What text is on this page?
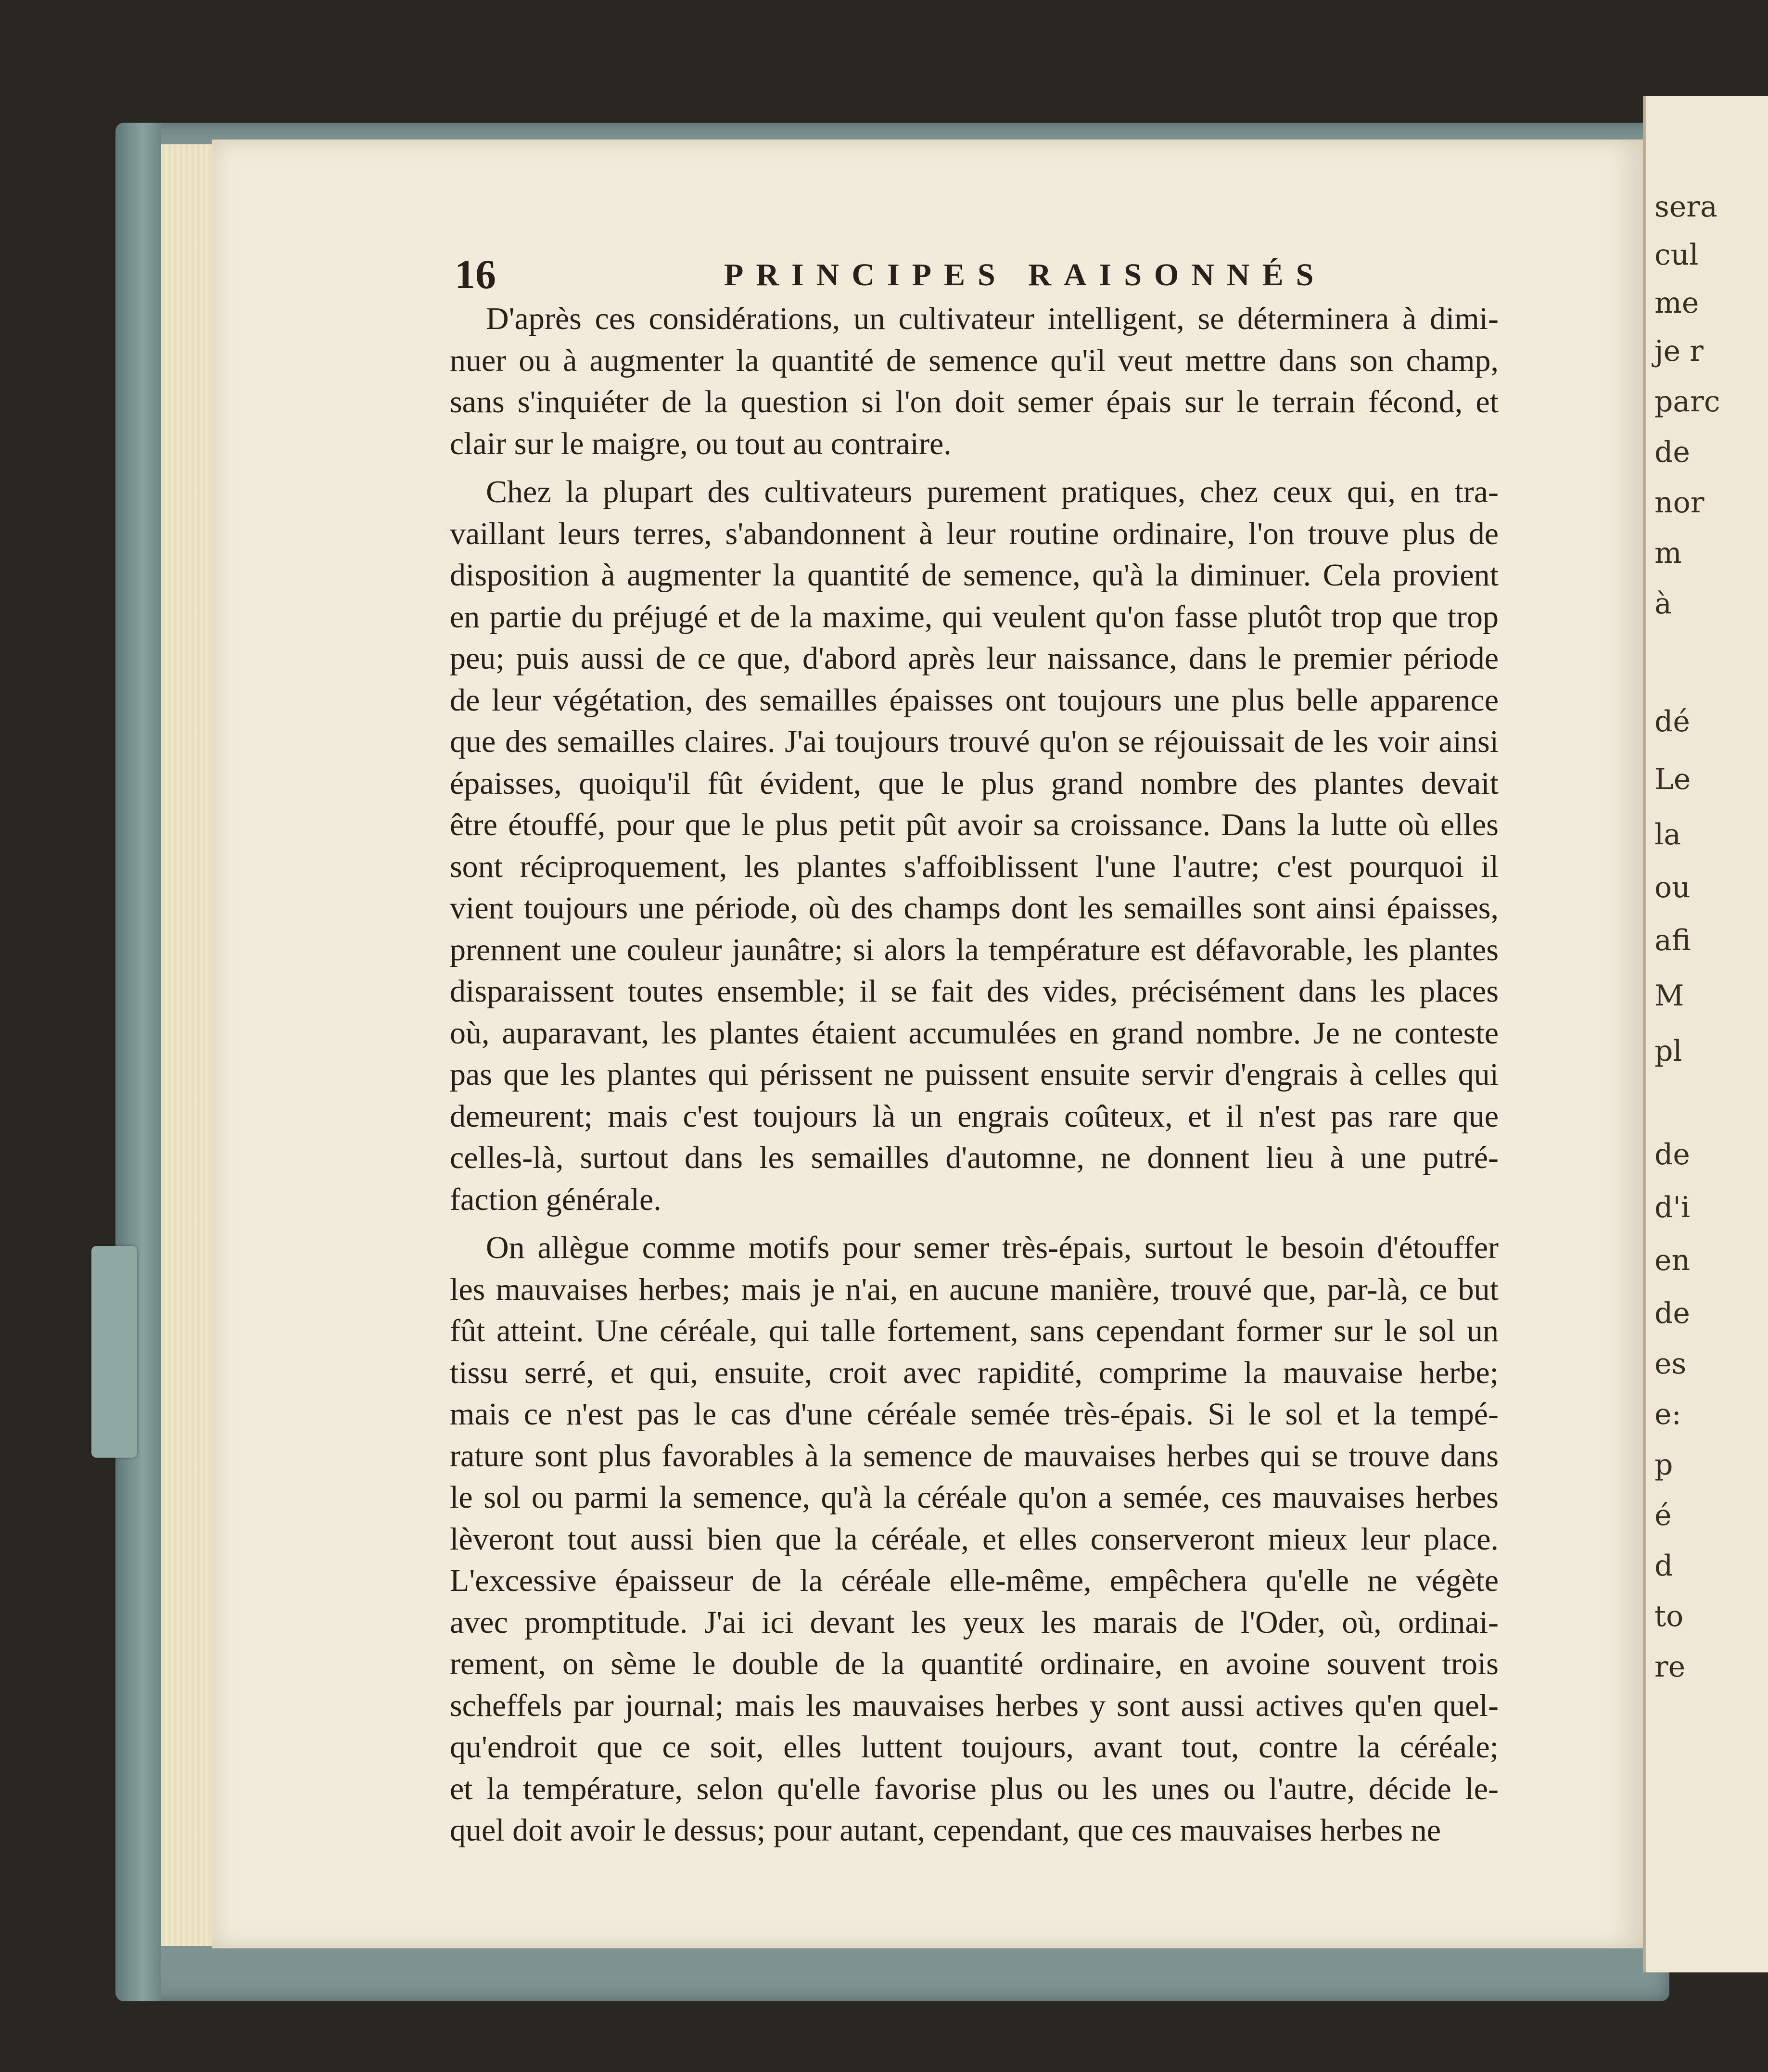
sera
cul
me
je r
parc
de
nor
m
à
dé
Le
la
ou
afi
M
pl
de
d'i
en
de
es
e:
p
é
d
to
re
16	PRINCIPES RAISONNÉS
D'après ces considérations, un cultivateur intelligent, se déterminera à dimi-
nuer ou à augmenter la quantité de semence qu'il veut mettre dans son champ,
sans s'inquiéter de la question si l'on doit semer épais sur le terrain fécond, et
clair sur le maigre, ou tout au contraire.
Chez la plupart des cultivateurs purement pratiques, chez ceux qui, en tra-
vaillant leurs terres, s'abandonnent à leur routine ordinaire, l'on trouve plus de
disposition à augmenter la quantité de semence, qu'à la diminuer. Cela provient
en partie du préjugé et de la maxime, qui veulent qu'on fasse plutôt trop que trop
peu; puis aussi de ce que, d'abord après leur naissance, dans le premier période
de leur végétation, des semailles épaisses ont toujours une plus belle apparence
que des semailles claires. J'ai toujours trouvé qu'on se réjouissait de les voir ainsi
épaisses, quoiqu'il fût évident, que le plus grand nombre des plantes devait
être étouffé, pour que le plus petit pût avoir sa croissance. Dans la lutte où elles
sont réciproquement, les plantes s'affoiblissent l'une l'autre; c'est pourquoi il
vient toujours une période, où des champs dont les semailles sont ainsi épaisses,
prennent une couleur jaunâtre; si alors la température est défavorable, les plantes
disparaissent toutes ensemble; il se fait des vides, précisément dans les places
où, auparavant, les plantes étaient accumulées en grand nombre. Je ne conteste
pas que les plantes qui périssent ne puissent ensuite servir d'engrais à celles qui
demeurent; mais c'est toujours là un engrais coûteux, et il n'est pas rare que
celles-là, surtout dans les semailles d'automne, ne donnent lieu à une putré-
faction générale.
On allègue comme motifs pour semer très-épais, surtout le besoin d'étouffer
les mauvaises herbes; mais je n'ai, en aucune manière, trouvé que, par-là, ce but
fût atteint. Une céréale, qui talle fortement, sans cependant former sur le sol un
tissu serré, et qui, ensuite, croit avec rapidité, comprime la mauvaise herbe;
mais ce n'est pas le cas d'une céréale semée très-épais. Si le sol et la tempé-
rature sont plus favorables à la semence de mauvaises herbes qui se trouve dans
le sol ou parmi la semence, qu'à la céréale qu'on a semée, ces mauvaises herbes
lèveront tout aussi bien que la céréale, et elles conserveront mieux leur place.
L'excessive épaisseur de la céréale elle-même, empêchera qu'elle ne végète
avec promptitude. J'ai ici devant les yeux les marais de l'Oder, où, ordinai-
rement, on sème le double de la quantité ordinaire, en avoine souvent trois
scheffels par journal; mais les mauvaises herbes y sont aussi actives qu'en quel-
qu'endroit que ce soit, elles luttent toujours, avant tout, contre la céréale;
et la température, selon qu'elle favorise plus ou les unes ou l'autre, décide le-
quel doit avoir le dessus; pour autant, cependant, que ces mauvaises herbes ne
